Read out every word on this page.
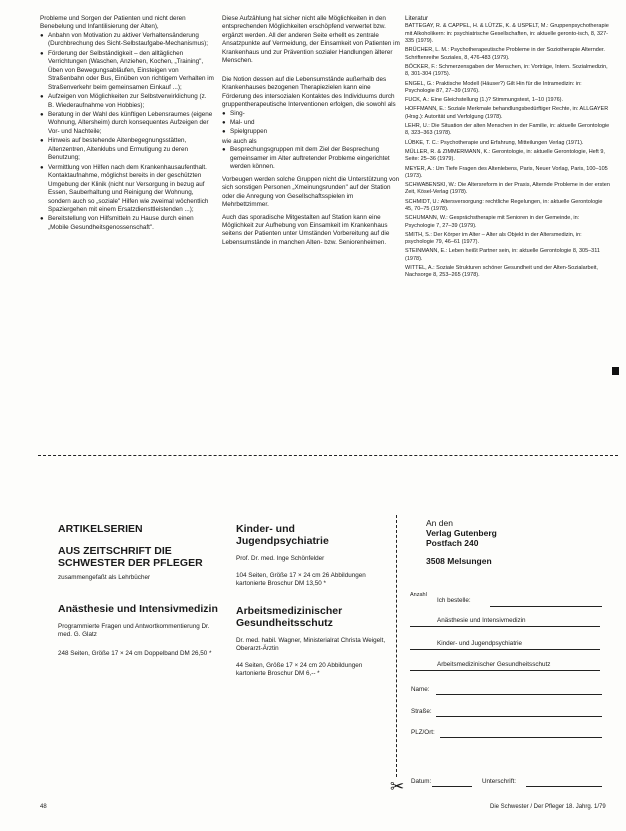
Probleme und Sorgen der Patienten und nicht deren Benebelung und Infantilisierung der Alten),

● Anbahn von Motivation zu aktiver Verhaltensänderung (Durchbrechung des Sicht-Selbstaufgabe-Mechanismus);
● Förderung der Selbständigkeit – den alltäglichen Verrichtungen (Waschen, Anziehen, Kochen, „Training", Üben von Bewegungsabläufen, Einsteigen von Straßenbahn oder Bus, Einüben von richtigem Verhalten im Straßenverkehr beim gemeinsamen Einkauf ...);
● Aufzeigen von Möglichkeiten zur Selbstverwirklichung (z. B. Wiederaufnahme von Hobbies);
● Beratung in der Wahl des künftigen Lebensraumes (eigene Wohnung, Altersheim) durch konsequentes Aufzeigen der Vor- und Nachteile;
● Hinweis auf bestehende Altenbegegnungsstätten, Altenzentren, Altenklubs und Ermutigung zu deren Benutzung;
● Vermittlung von Hilfen nach dem Krankenhausaufenthalt. Kontaktaufnahme, möglichst bereits in der geschützten Umgebung der Klinik (nicht nur Versorgung in bezug auf Essen, Sauberhaltung und Reinigung der Wohnung, sondern auch so „soziale" Hilfen wie zweimal wöchentlich Spaziergehen mit einem Ersatzdiensttleistenden ...);
● Bereitstellung von Hilfsmitteln zu Hause durch einen „Mobile Gesundheitsgenossenschaft".

Diese Aufzählung hat sicher nicht alle Möglichkeiten in den entsprechenden Möglichkeiten erschöpfend verwertet bzw. ergänzt werden. All der anderen Seite erhellt es zentrale Ansatzpunkte auf Vermeidung, der Einsamkeit von Patienten im Krankenhaus und zur Prävention sozialer Handlungen älterer Menschen.

Die Notion dessen auf die Lebensumstände außerhalb des Krankenhauses bezogenen Therapiezielen kann eine Förderung des intersozialen Kontaktes des Individuums durch gruppentherapeutische Interventionen erfolgen, die sowohl als

● Sing-
● Mal- und
● Spielgruppen

wie auch als

● Besprechungsgruppen mit dem Ziel der Besprechung gemeinsamer im Alter auftretender Probleme eingerichtet werden können.

Vorbeugen werden solche Gruppen nicht die Unterstützung von sich sonstigen Personen „Xmeinungsrunden" auf der Station oder die Anregung von Gesellschaftsspielen im Mehrbettzimmer.

Auch das sporadische Mitgestalten auf Station kann eine Möglichkeit zur Aufhebung von Einsamkeit im Krankenhaus seitens der Patienten unter Umständen Vorbereitung auf die Lebensumstände in manchen Alten- bzw. Seniorenheimen.

Literatur

BATTEGAY, R. & CAPPEL, H. & LÜTZE, K. & USPELT, M.: Gruppenpsychotherapie mit Alkoholikern: in: psychiatrische Gesellschaften, in: aktuelle geronto-isch, 8, 327-335 (1979).
BRÜCHER, L. M.: Psychotherapeutische Probleme in der Soziotherapie Alternder. Schriftenreihe Soziales, 8, 476-483 (1979).
BÖCKER, F.: Schmerzensgaben der Menschen, in: Vorträge, Intern. Sozialmedizin, 8, 301-304 (1975).
ENGEL, G.: Praktische Modell (Häuser?) Gilt Hin für die Intramedizin: in: Psychologie 87, 27–39 (1976).
FUCK, A.: Eine Gleichstellung (1.)? Stimmungstest, 1–10 (1976).
HOFFMANN, E.: Soziale Merkmale behandlungsbedürftiger Rechte, in: ALLGAYER (Hrsg.): Autorität und Verfolgung (1978).
LEHR, U.: Die Situation der alten Menschen in der Familie, in: aktuelle Gerontologie 8, 323–363 (1978).
LÜBKE, T. C.: Psychotherapie und Erfahrung, Mitteilungen Verlag (1971).
MÜLLER, R. & ZIMMERMANN, K.: Gerontologie, in: aktuelle Gerontologie, Heft 9, Seite: 25–36 (1979).
MEYER, A.: Um Tiefe Fragen des Altenlebens, Paris, Neuer Vorlag, Paris, 100–105 (1973).
SCHWABENSKI, W.: Die Altersreform in der Praxis, Alternde Probleme in der ersten Zeit, Kösel-Verlag (1978).
SCHMIDT, U.: Altersversorgung: rechtliche Regelungen, in: aktuelle Gerontologie 45, 70–75 (1978).
SCHUMANN, W.: Gesprächstherapie mit Senioren in der Gemeinde, in: Psychologie 7, 27–39 (1979).
SMITH, S.: Der Körper im Alter – Alter als Objekt in der Altersmedizin, in: psychologie 79, 46–61 (1977).
STEINMANN, E.: Leben heißt Partner sein, in: aktuelle Gerontologie 8, 305–311 (1978).
WITTEL, A.: Soziale Strukturen schöner Gesundheit und der Alten-Sozialarbeit, Nachsorge 8, 253–265 (1978).
ARTIKELSERIEN
AUS ZEITSCHRIFT DIE SCHWESTER DER PFLEGER
zusammengefaßt als Lehrbücher
Anästhesie und Intensivmedizin
Programmierte Fragen und Antwortkommentierung Dr. med. G. Glatz
248 Seiten, Größe 17 × 24 cm Doppelband DM 26,50 *
Kinder- und Jugendpsychiatrie
Prof. Dr. med. Inge Schönfelder
104 Seiten, Größe 17 × 24 cm 26 Abbildungen kartonierte Broschur DM 13,50 *
Arbeitsmedizinischer Gesundheitsschutz
Dr. med. habil. Wagner, Ministerialrat Christa Weigelt, Oberarzt-Ärztin
44 Seiten, Größe 17 × 24 cm 20 Abbildungen kartonierte Broschur DM 6,-- *
An den
Verlag Gutenberg
Postfach 240
3508 Melsungen
Anzahl
Ich bestelle:
Anästhesie und Intensivmedizin
Kinder- und Jugendpsychiatrie
Arbeitsmedizinischer Gesundheitsschutz
Name:
Straße:
PLZ/Ort:
Datum:	Unterschrift:
✂
48	Die Schwester / Der Pfleger 18. Jahrg. 1/79
